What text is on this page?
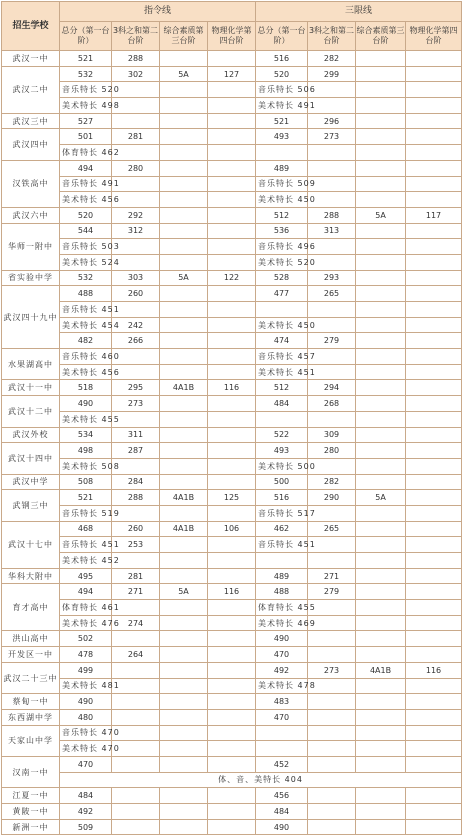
招生学校	指令线				三限线			
	总分（第一台阶）	3科之和第二台阶	综合素质第三台阶	物理化学第四台阶	总分（第一台阶）	3科之和第二台阶	综合素质第三台阶	物理化学第四台阶
武汉一中	521	288			516	282		
武汉二中	532	302	5A	127	520	299		
	音乐特长 520				音乐特长 506			
	美术特长 498				美术特长 491			
武汉三中	527				521	296		
武汉四中	501	281			493	273		
	体育特长 462							
汉铁高中	494	280			489			
	音乐特长 491				音乐特长 509			
	美术特长 456				美术特长 450			
武汉六中	520	292			512	288	5A	117
华师一附中	544	312			536	313		
	音乐特长 503				音乐特长 496			
	美术特长 524				美术特长 520			
省实验中学	532	303	5A	122	528	293		
武汉四十九中	488	260			477	265		
	音乐特长 451							
	美术特长 454	242			美术特长 450			
	482	266			474	279		
水果湖高中	音乐特长 460				音乐特长 457			
	美术特长 456				美术特长 451			
武汉十一中	518	295	4A1B	116	512	294		
武汉十二中	490	273			484	268		
	美术特长 455							
武汉外校	534	311			522	309		
武汉十四中	498	287			493	280		
	美术特长 508				美术特长 500			
武汉中学	508	284			500	282		
武钢三中	521	288	4A1B	125	516	290	5A	
	音乐特长 519				音乐特长 517			
武汉十七中	468	260	4A1B	106	462	265		
	音乐特长 451	253			音乐特长 451			
	美术特长 452							
华科大附中	495	281			489	271		
育才高中	494	271	5A	116	488	279		
	体育特长 461				体育特长 455			
	美术特长 476	274			美术特长 469			
洪山高中	502				490			
开发区一中	478	264			470			
武汉二十三中	499				492	273	4A1B	116
	美术特长 481				美术特长 478			
蔡甸一中	490				483			
东西湖中学	480				470			
天家山中学	音乐特长 470							
	美术特长 470							
汉南一中	470				452			
	体、音、美特长 404							
江夏一中	484				456			
黄陂一中	492				484			
新洲一中	509				490			
